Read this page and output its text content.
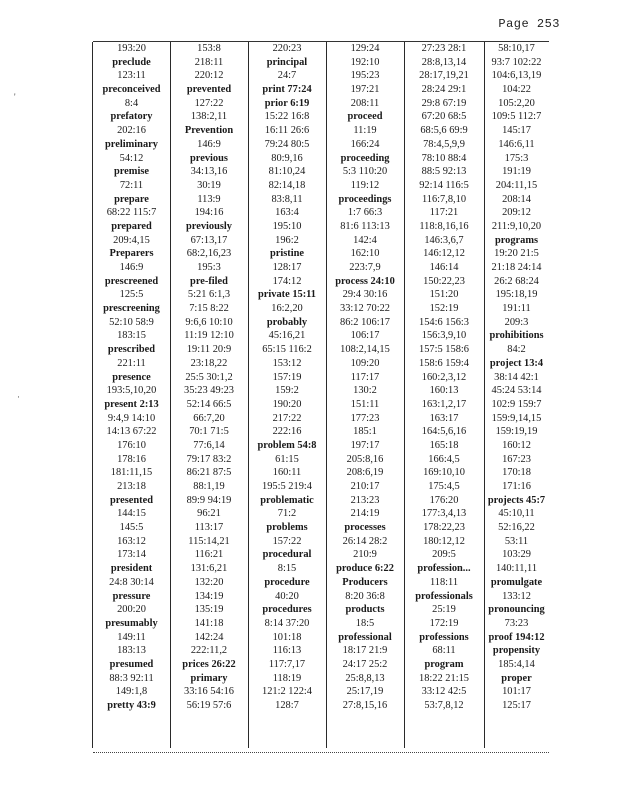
Page 253
'
·
193:20
preclude
123:11
preconceived
8:4
prefatory
202:16
preliminary
54:12
premise
72:11
prepare
68:22 115:7
prepared
209:4,15
Preparers
146:9
prescreened
125:5
prescreening
52:10 58:9
183:15
prescribed
221:11
presence
193:5,10,20
present 2:13
9:4,9 14:10
14:13 67:22
176:10
178:16
181:11,15
213:18
presented
144:15
145:5
163:12
173:14
president
24:8 30:14
pressure
200:20
presumably
149:11
183:13
presumed
88:3 92:11
149:1,8
pretty 43:9
153:8
218:11
220:12
prevented
127:22
138:2,11
Prevention
146:9
previous
34:13,16
30:19
113:9
194:16
previously
67:13,17
68:2,16,23
195:3
pre-filed
5:21 6:1,3
7:15 8:22
9:6,6 10:10
11:19 12:10
19:11 20:9
23:18,22
25:5 30:1,2
35:23 49:23
52:14 66:5
66:7,20
70:1 71:5
77:6,14
79:17 83:2
86:21 87:5
88:1,19
89:9 94:19
96:21
113:17
115:14,21
116:21
131:6,21
132:20
134:19
135:19
141:18
142:24
222:11,2
prices 26:22
primary
33:16 54:16
56:19 57:6
220:23
principal
24:7
print 77:24
prior 6:19
15:22 16:8
16:11 26:6
79:24 80:5
80:9,16
81:10,24
82:14,18
83:8,11
163:4
195:10
196:2
pristine
128:17
174:12
private 15:11
16:2,20
probably
45:16,21
65:15 116:2
153:12
157:19
159:2
190:20
217:22
222:16
problem 54:8
61:15
160:11
195:5 219:4
problematic
71:2
problems
157:22
procedural
8:15
procedure
40:20
procedures
8:14 37:20
101:18
116:13
117:7,17
118:19
121:2 122:4
128:7
129:24
192:10
195:23
197:21
208:11
proceed
11:19
166:24
proceeding
5:3 110:20
119:12
proceedings
1:7 66:3
81:6 113:13
142:4
162:10
223:7,9
process 24:10
29:4 30:16
33:12 70:22
86:2 106:17
106:17
108:2,14,15
109:20
117:17
130:2
151:11
177:23
185:1
197:17
205:8,16
208:6,19
210:17
213:23
214:19
processes
26:14 28:2
210:9
produce 6:22
Producers
8:20 36:8
products
18:5
professional
18:17 21:9
24:17 25:2
25:8,8,13
25:17,19
27:8,15,16
27:23 28:1
28:8,13,14
28:17,19,21
28:24 29:1
29:8 67:19
67:20 68:5
68:5,6 69:9
78:4,5,9,9
78:10 88:4
88:5 92:13
92:14 116:5
116:7,8,10
117:21
118:8,16,16
146:3,6,7
146:12,12
146:14
150:22,23
151:20
152:19
154:6 156:3
156:3,9,10
157:5 158:6
158:6 159:4
160:2,3,12
160:13
163:1,2,17
163:17
164:5,6,16
165:18
166:4,5
169:10,10
175:4,5
176:20
177:3,4,13
178:22,23
180:12,12
209:5
profession...
118:11
professionals
25:19
172:19
professions
68:11
program
18:22 21:15
33:12 42:5
53:7,8,12
58:10,17
93:7 102:22
104:6,13,19
104:22
105:2,20
109:5 112:7
145:17
146:6,11
175:3
191:19
204:11,15
208:14
209:12
211:9,10,20
programs
19:20 21:5
21:18 24:14
26:2 68:24
195:18,19
191:11
209:3
prohibitions
84:2
project 13:4
38:14 42:1
45:24 53:14
102:9 159:7
159:9,14,15
159:19,19
160:12
167:23
170:18
171:16
projects 45:7
45:10,11
52:16,22
53:11
103:29
140:11,11
promulgate
133:12
pronouncing
73:23
proof 194:12
propensity
185:4,14
proper
101:17
125:17
